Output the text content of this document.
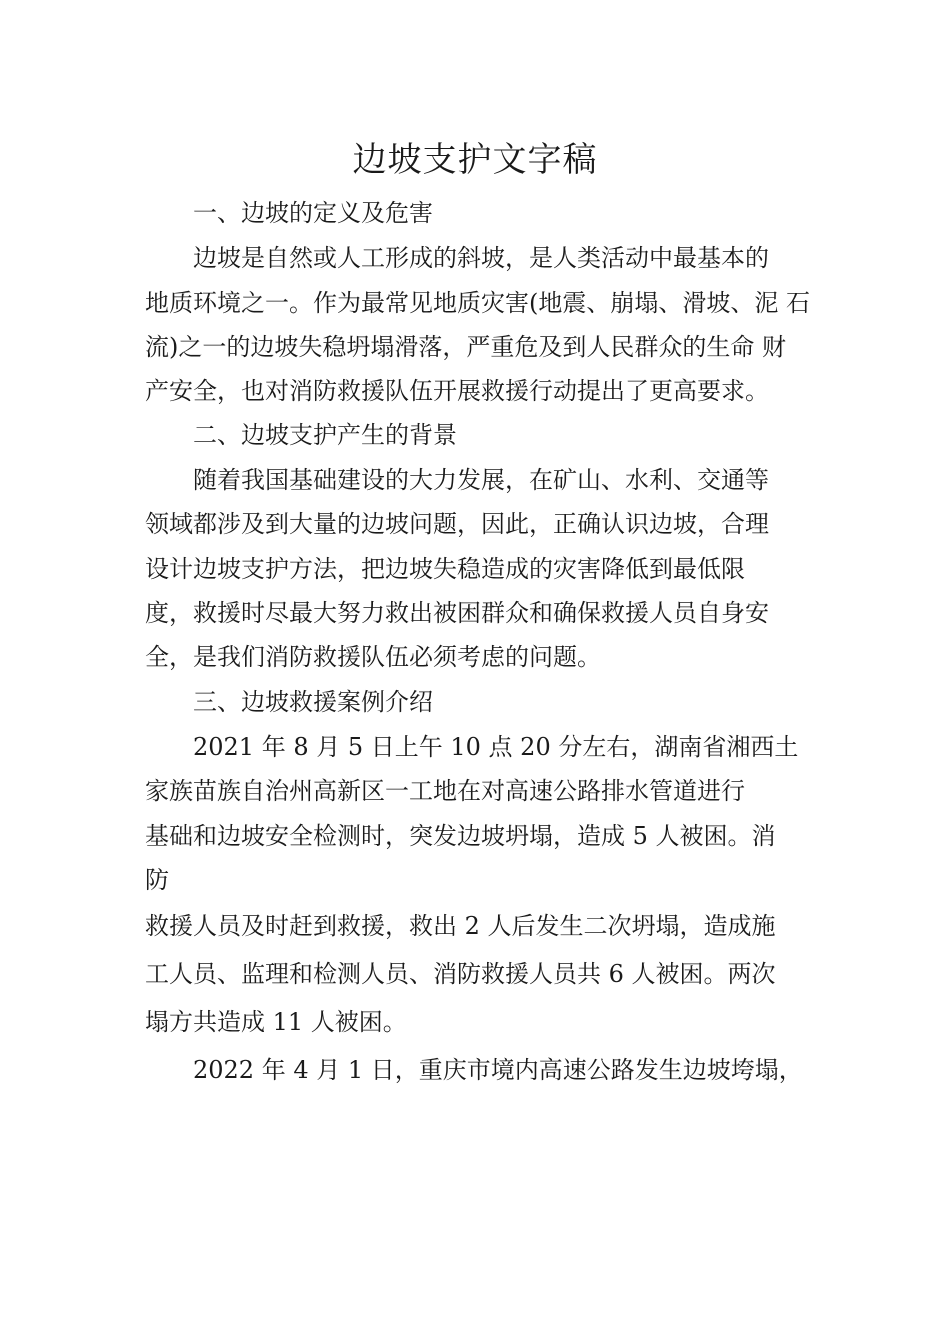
边坡支护文字稿

一、边坡的定义及危害

边坡是自然或人工形成的斜坡，是人类活动中最基本的

地质环境之一。作为最常见地质灾害(地震、崩塌、滑坡、泥 石

流)之一的边坡失稳坍塌滑落，严重危及到人民群众的生命 财

产安全，也对消防救援队伍开展救援行动提出了更高要求。

二、边坡支护产生的背景

随着我国基础建设的大力发展，在矿山、水利、交通等

领域都涉及到大量的边坡问题，因此，正确认识边坡，合理

设计边坡支护方法，把边坡失稳造成的灾害降低到最低限

度，救援时尽最大努力救出被困群众和确保救援人员自身安

全，是我们消防救援队伍必须考虑的问题。

三、边坡救援案例介绍

2021 年 8 月 5 日上午 10 点 20 分左右，湖南省湘西土

家族苗族自治州高新区一工地在对高速公路排水管道进行

基础和边坡安全检测时，突发边坡坍塌，造成 5 人被困。消

防

救援人员及时赶到救援，救出 2 人后发生二次坍塌，造成施

工人员、监理和检测人员、消防救援人员共 6 人被困。两次

塌方共造成 11 人被困。

2022 年 4 月 1 日，重庆市境内高速公路发生边坡垮塌，
